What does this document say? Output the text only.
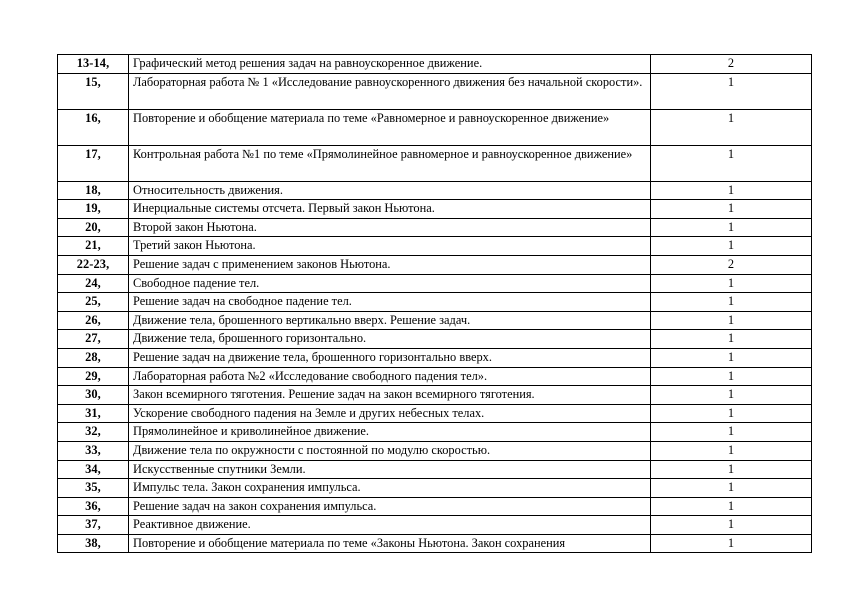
13-14,	Графический метод решения задач на равноускоренное движение.	2
15,	Лабораторная работа № 1 «Исследование равноускоренного движения без начальной скорости».	1
16,	Повторение и обобщение материала по теме «Равномерное и равноускоренное движение»	1
17,	Контрольная работа №1 по теме «Прямолинейное равномерное и равноускоренное движение»	1
18,	Относительность движения.	1
19,	Инерциальные системы отсчета. Первый закон Ньютона.	1
20,	Второй закон Ньютона.	1
21,	Третий закон Ньютона.	1
22-23,	Решение задач с применением законов Ньютона.	2
24,	Свободное падение тел.	1
25,	Решение задач на свободное падение тел.	1
26,	Движение тела, брошенного вертикально вверх. Решение задач.	1
27,	Движение тела, брошенного горизонтально.	1
28,	Решение задач на движение тела, брошенного горизонтально вверх.	1
29,	Лабораторная работа №2 «Исследование свободного падения тел».	1
30,	Закон всемирного тяготения. Решение задач на закон всемирного тяготения.	1
31,	Ускорение свободного падения на Земле и других небесных телах.	1
32,	Прямолинейное и криволинейное движение.	1
33,	Движение тела по окружности с постоянной по модулю скоростью.	1
34,	Искусственные спутники Земли.	1
35,	Импульс тела. Закон сохранения импульса.	1
36,	Решение задач на закон сохранения импульса.	1
37,	Реактивное движение.	1
38,	Повторение и обобщение материала по теме «Законы Ньютона. Закон сохранения	1
